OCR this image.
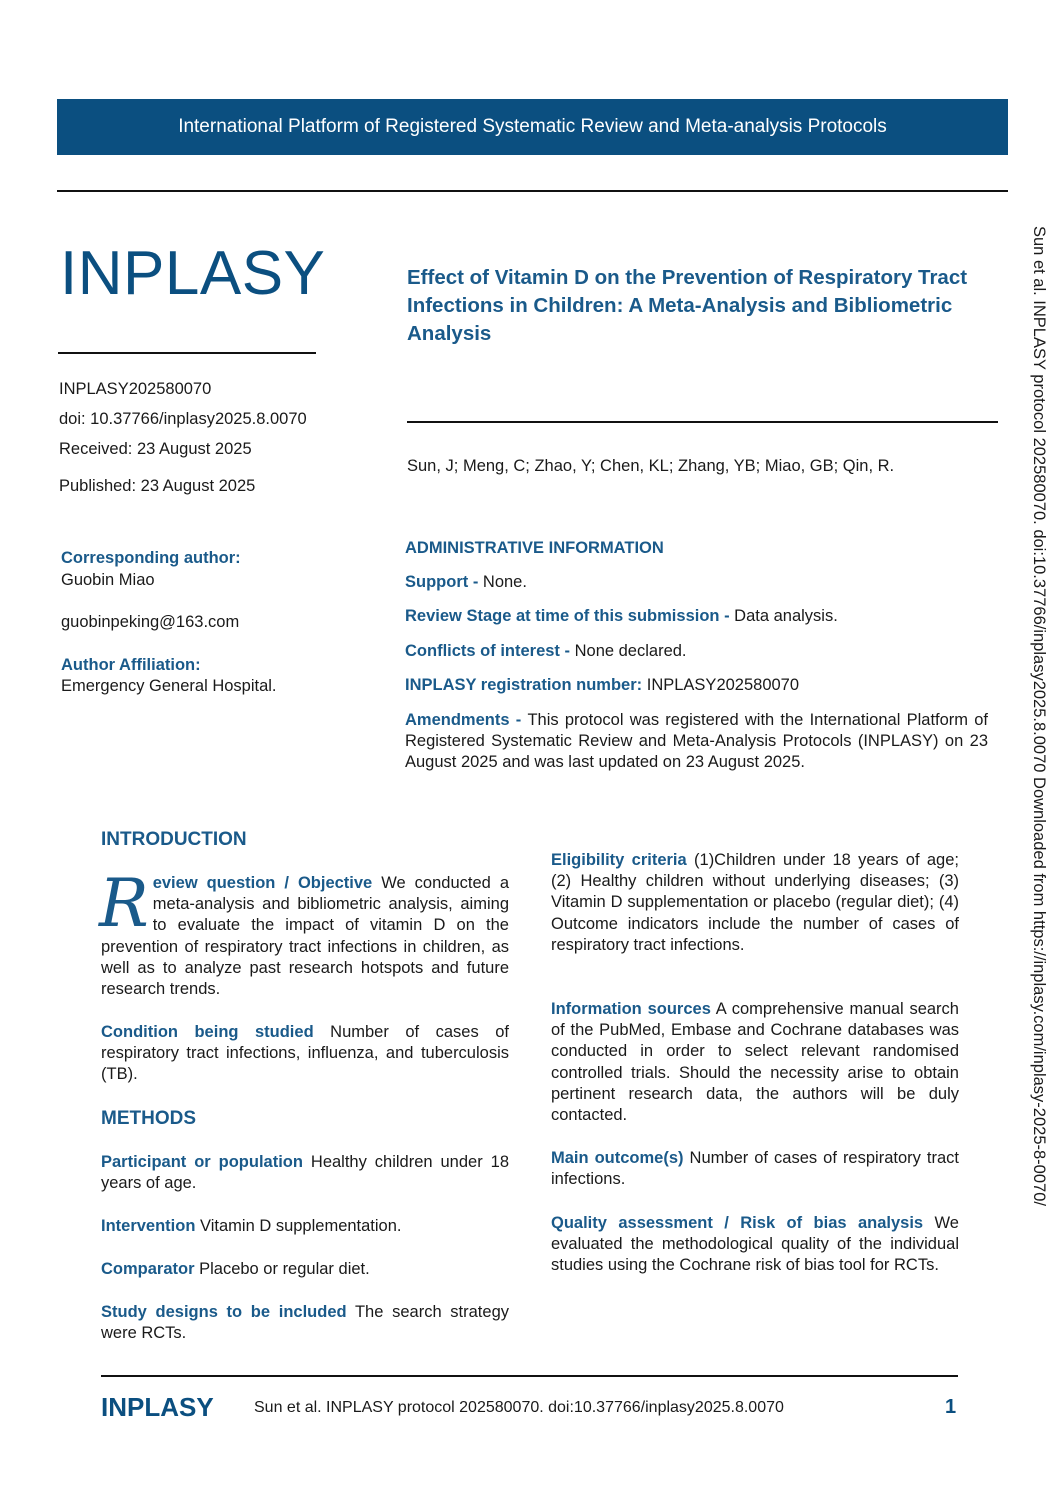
International Platform of Registered Systematic Review and Meta-analysis Protocols
INPLASY	Effect of Vitamin D on the Prevention of Respiratory Tract Infections in Children: A Meta-Analysis and Bibliometric Analysis
Sun, J; Meng, C; Zhao, Y; Chen, KL; Zhang, YB; Miao, GB; Qin, R.
INPLASY202580070
doi: 10.37766/inplasy2025.8.0070
Received: 23 August 2025
Published: 23 August 2025
Corresponding author:
Guobin Miao
guobinpeking@163.com
Author Affiliation:
Emergency General Hospital.
ADMINISTRATIVE INFORMATION
Support - None.
Review Stage at time of this submission - Data analysis.
Conflicts of interest - None declared.
INPLASY registration number: INPLASY202580070
Amendments - This protocol was registered with the International Platform of Registered Systematic Review and Meta-Analysis Protocols (INPLASY) on 23 August 2025 and was last updated on 23 August 2025.
INTRODUCTION
Review question / Objective We conducted a meta-analysis and bibliometric analysis, aiming to evaluate the impact of vitamin D on the prevention of respiratory tract infections in children, as well as to analyze past research hotspots and future research trends.
Condition being studied Number of cases of respiratory tract infections, influenza, and tuberculosis (TB).
METHODS
Participant or population Healthy children under 18 years of age.
Intervention Vitamin D supplementation.
Comparator Placebo or regular diet.
Study designs to be included The search strategy were RCTs.
Eligibility criteria (1)Children under 18 years of age; (2) Healthy children without underlying diseases; (3) Vitamin D supplementation or placebo (regular diet); (4) Outcome indicators include the number of cases of respiratory tract infections.
Information sources A comprehensive manual search of the PubMed, Embase and Cochrane databases was conducted in order to select relevant randomised controlled trials. Should the necessity arise to obtain pertinent research data, the authors will be duly contacted.
Main outcome(s) Number of cases of respiratory tract infections.
Quality assessment / Risk of bias analysis We evaluated the methodological quality of the individual studies using the Cochrane risk of bias tool for RCTs.
INPLASY	Sun et al. INPLASY protocol 202580070. doi:10.37766/inplasy2025.8.0070	1
Sun et al. INPLASY protocol 202580070. doi:10.37766/inplasy2025.8.0070 Downloaded from https://inplasy.com/inplasy-2025-8-0070/
